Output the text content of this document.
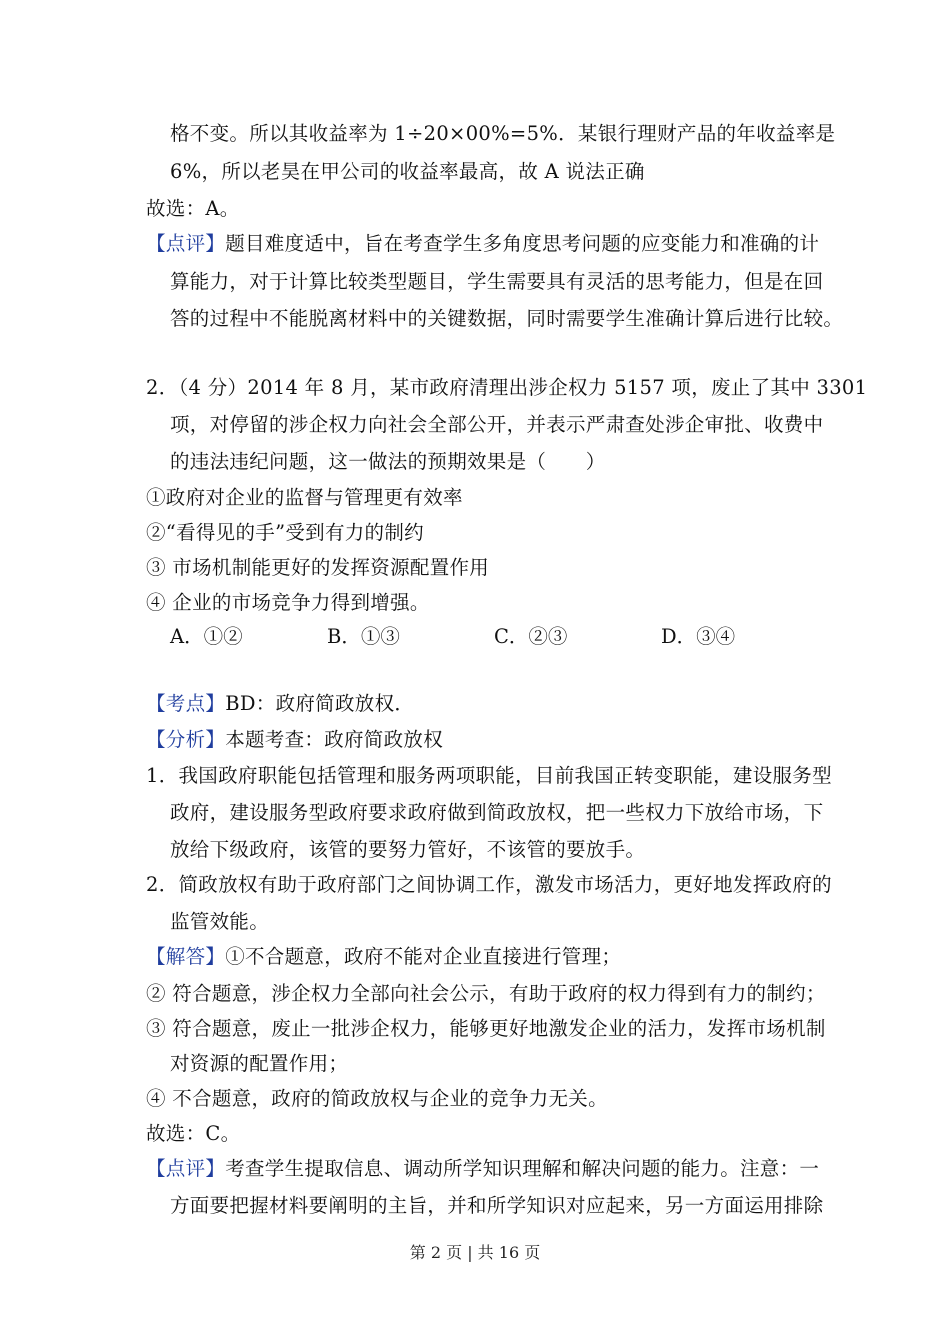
格不变。所以其收益率为 1÷20×00%=5%．某银行理财产品的年收益率是
6%，所以老昊在甲公司的收益率最高，故 A 说法正确
故选：A。
【点评】题目难度适中，旨在考查学生多角度思考问题的应变能力和准确的计
算能力，对于计算比较类型题目，学生需要具有灵活的思考能力，但是在回
答的过程中不能脱离材料中的关键数据，同时需要学生准确计算后进行比较。
2．（4 分）2014 年 8 月，某市政府清理出涉企权力 5157 项，废止了其中 3301
项，对停留的涉企权力向社会全部公开，并表示严肃查处涉企审批、收费中
的违法违纪问题，这一做法的预期效果是（　　）
①政府对企业的监督与管理更有效率
②“看得见的手”受到有力的制约
③ 市场机制能更好的发挥资源配置作用
④ 企业的市场竞争力得到增强。
A．①②	B．①③	C．②③	D．③④
【考点】BD：政府简政放权．
【分析】本题考查：政府简政放权
1．我国政府职能包括管理和服务两项职能，目前我国正转变职能，建设服务型
政府，建设服务型政府要求政府做到简政放权，把一些权力下放给市场，下
放给下级政府，该管的要努力管好，不该管的要放手。
2．简政放权有助于政府部门之间协调工作，激发市场活力，更好地发挥政府的
监管效能。
【解答】①不合题意，政府不能对企业直接进行管理；
② 符合题意，涉企权力全部向社会公示，有助于政府的权力得到有力的制约；
③ 符合题意，废止一批涉企权力，能够更好地激发企业的活力，发挥市场机制
对资源的配置作用；
④ 不合题意，政府的简政放权与企业的竞争力无关。
故选：C。
【点评】考查学生提取信息、调动所学知识理解和解决问题的能力。注意：一
方面要把握材料要阐明的主旨，并和所学知识对应起来，另一方面运用排除
第 2 页 | 共 16 页
